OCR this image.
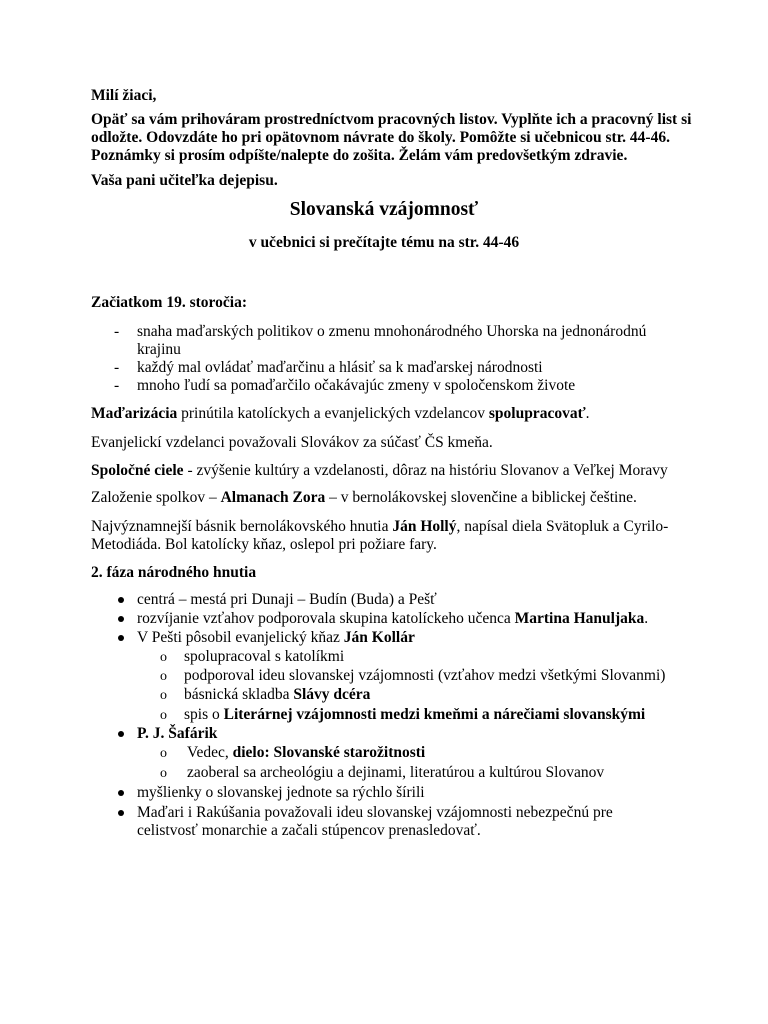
Milí žiaci,
Opäť sa vám prihováram prostredníctvom pracovných listov. Vyplňte ich a pracovný list si
odložte. Odovzdáte ho pri opätovnom návrate do školy. Pomôžte si učebnicou str. 44-46.
Poznámky si prosím odpíšte/nalepte do zošita. Želám vám predovšetkým zdravie.
Vaša pani učiteľka dejepisu.
Slovanská vzájomnosť
v učebnici si prečítajte tému na str. 44-46
Začiatkom 19. storočia:
- snaha maďarských politikov o zmenu mnohonárodného Uhorska na jednonárodnú
krajinu
- každý mal ovládať maďarčinu a hlásiť sa k maďarskej národnosti
- mnoho ľudí sa pomaďarčilo očakávajúc zmeny v spoločenskom živote
Maďarizácia prinútila katolíckych a evanjelických vzdelancov spolupracovať.
Evanjelickí vzdelanci považovali Slovákov za súčasť ČS kmeňa.
Spoločné ciele - zvýšenie kultúry a vzdelanosti, dôraz na históriu Slovanov a Veľkej Moravy
Založenie spolkov – Almanach Zora – v bernolákovskej slovenčine a biblickej češtine.
Najvýznamnejší básnik bernolákovského hnutia Ján Hollý, napísal diela Svätopluk a Cyrilo-
Metodiáda. Bol katolícky kňaz, oslepol pri požiare fary.
2. fáza národného hnutia
centrá – mestá pri Dunaji – Budín (Buda) a Pešť
rozvíjanie vzťahov podporovala skupina katolíckeho učenca Martina Hanuljaka.
V Pešti pôsobil evanjelický kňaz Ján Kollár
o spolupracoval s katolíkmi
o podporoval ideu slovanskej vzájomnosti (vzťahov medzi všetkými Slovanmi)
o básnická skladba Slávy dcéra
o spis o Literárnej vzájomnosti medzi kmeňmi a nárečiami slovanskými
P. J. Šafárik
o Vedec, dielo: Slovanské starožitnosti
o zaoberal sa archeológiu a dejinami, literatúrou a kultúrou Slovanov
myšlienky o slovanskej jednote sa rýchlo šírili
Maďari i Rakúšania považovali ideu slovanskej vzájomnosti nebezpečnú pre
celistvosť monarchie a začali stúpencov prenasledovať.
